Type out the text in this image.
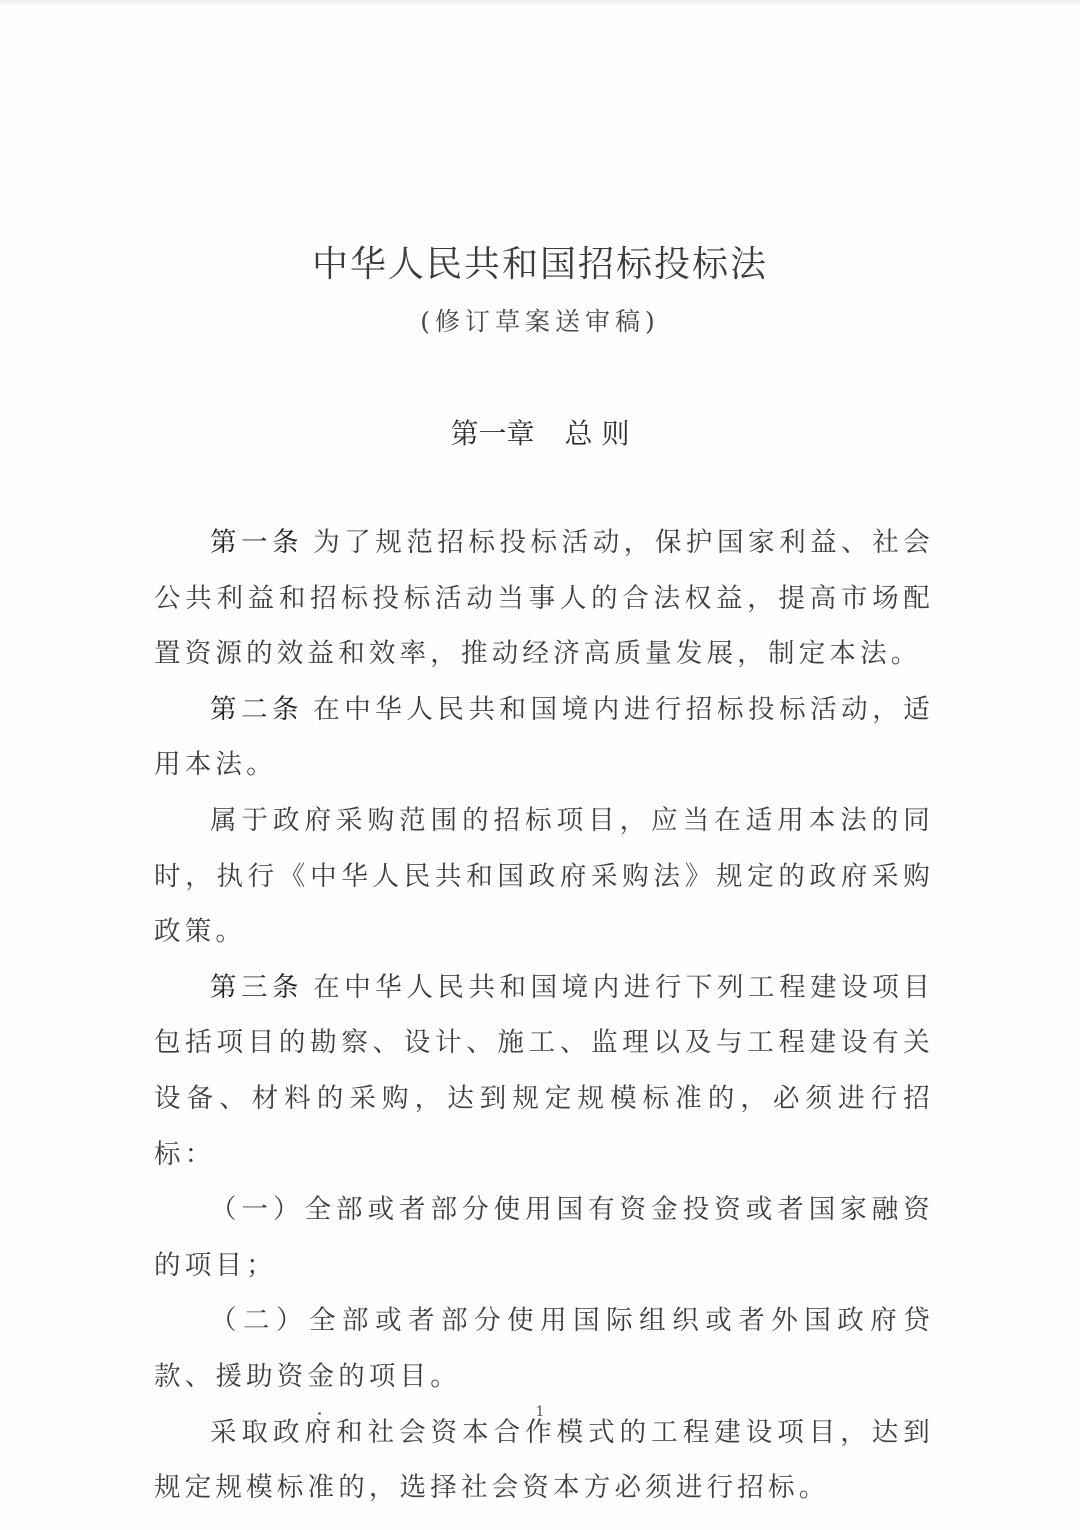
中华人民共和国招标投标法
(修订草案送审稿)
第一章 总 则

第一条 为了规范招标投标活动，保护国家利益、社会公共利益和招标投标活动当事人的合法权益，提高市场配置资源的效益和效率，推动经济高质量发展，制定本法。

第二条 在中华人民共和国境内进行招标投标活动，适用本法。

属于政府采购范围的招标项目，应当在适用本法的同时，执行《中华人民共和国政府采购法》规定的政府采购政策。

第三条 在中华人民共和国境内进行下列工程建设项目包括项目的勘察、设计、施工、监理以及与工程建设有关设备、材料的采购，达到规定规模标准的，必须进行招标：

（一）全部或者部分使用国有资金投资或者国家融资的项目；

（二）全部或者部分使用国际组织或者外国政府贷款、援助资金的项目。

采取政府和社会资本合作模式的工程建设项目，达到规定规模标准的，选择社会资本方必须进行招标。

1
